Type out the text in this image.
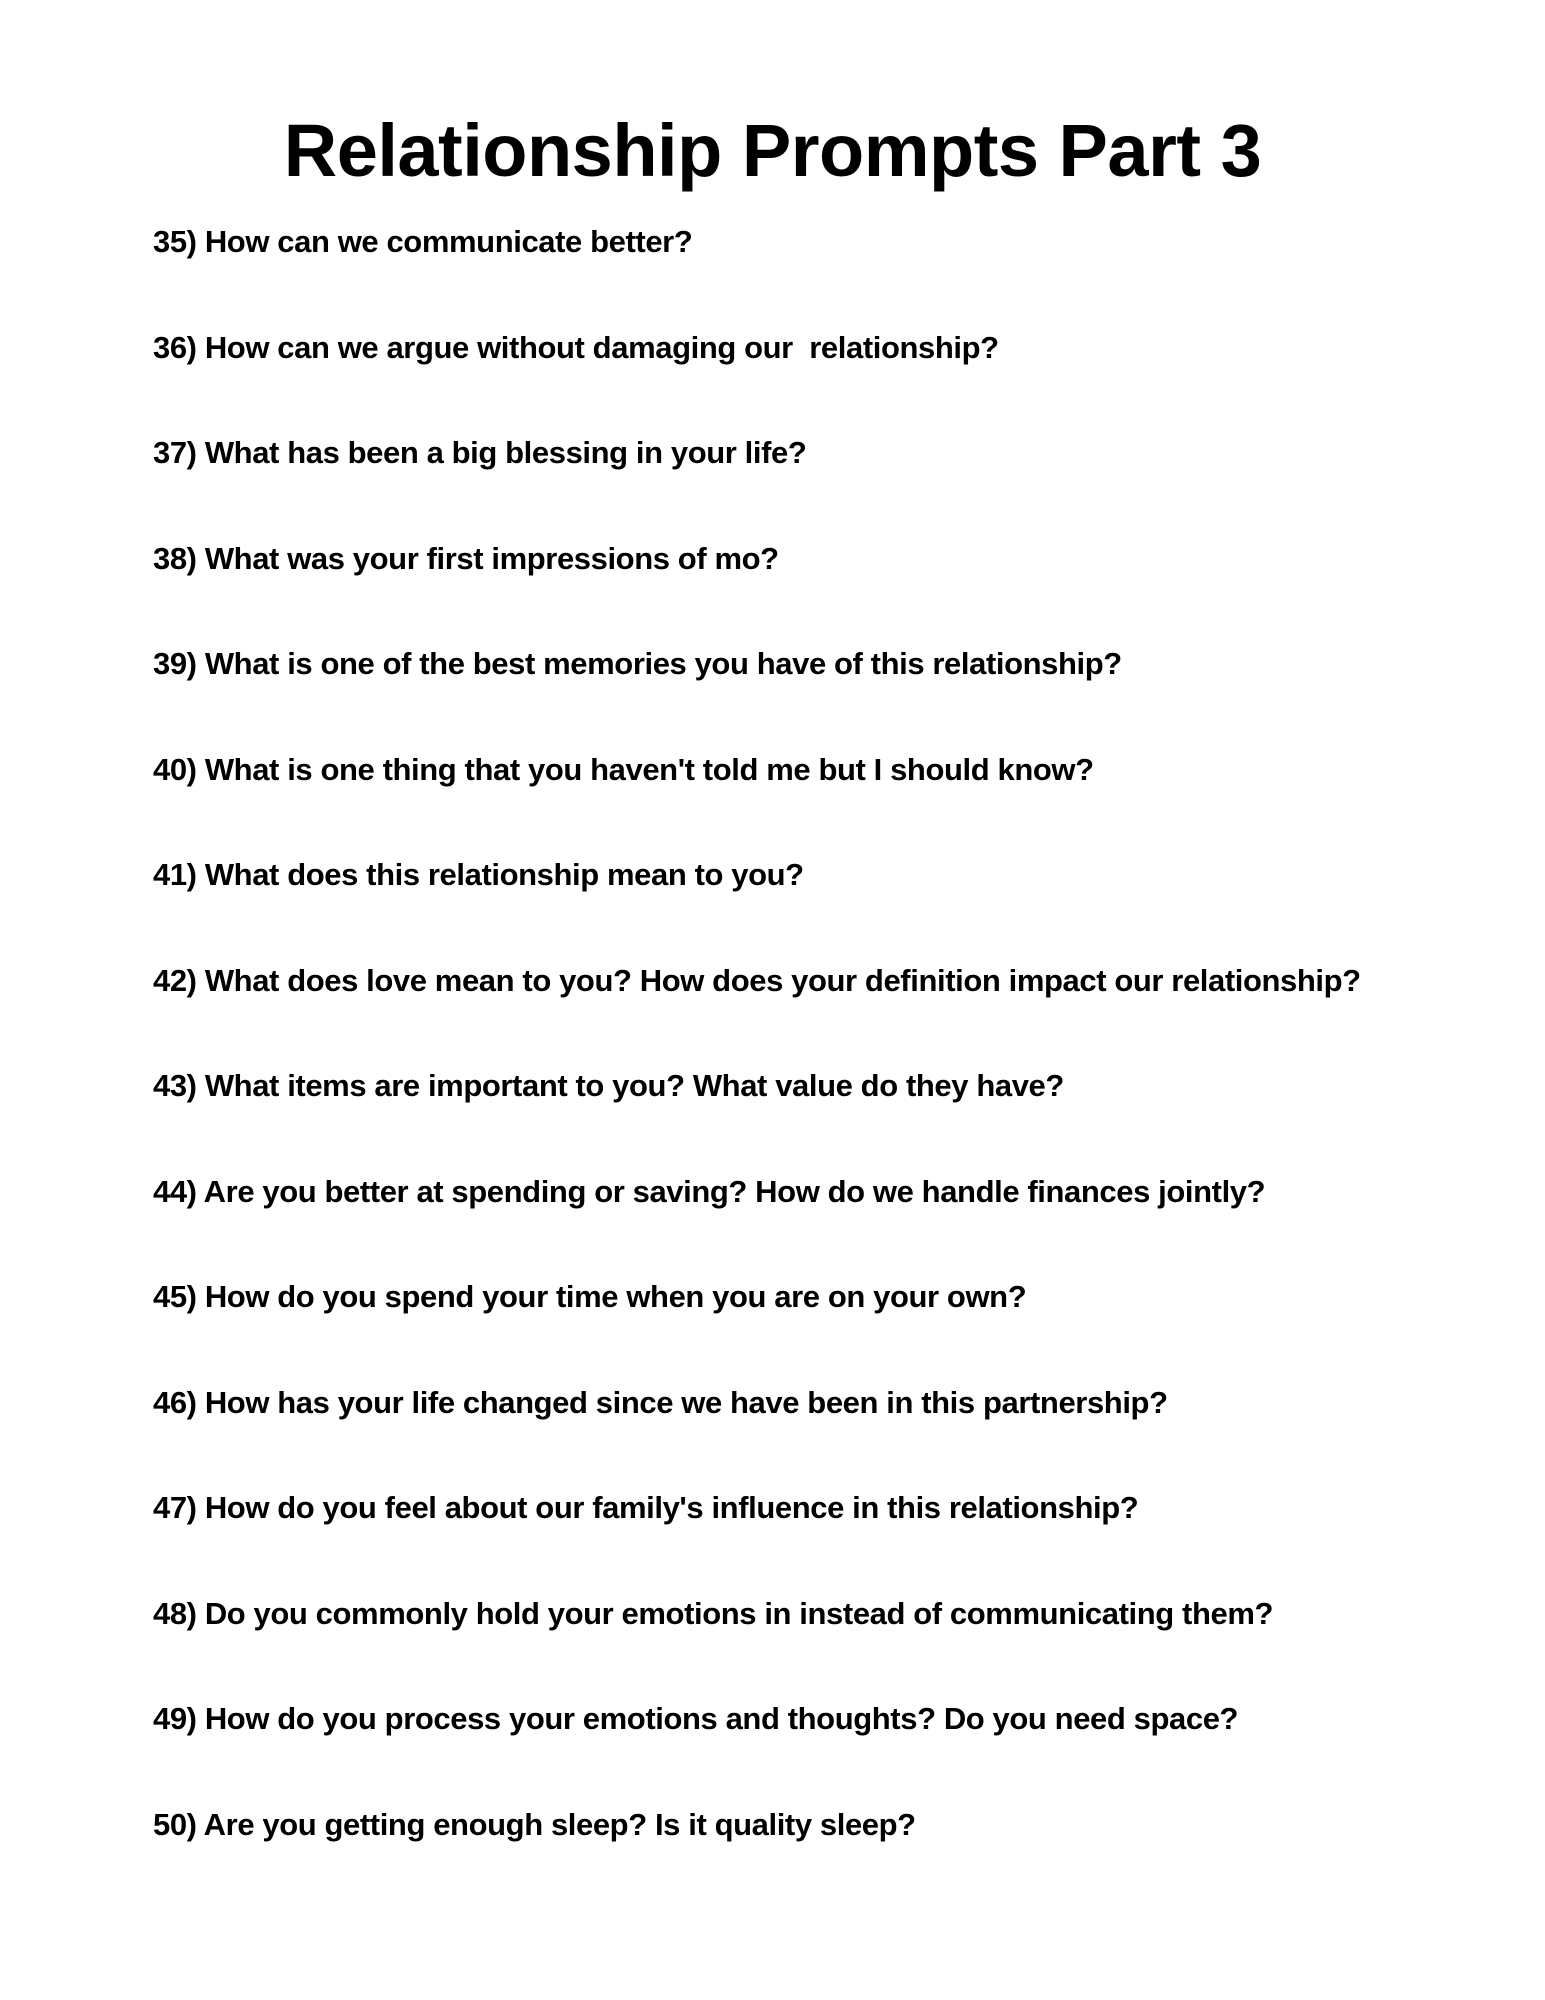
Relationship Prompts Part 3
35) How can we communicate better?
36) How can we argue without damaging our  relationship?
37) What has been a big blessing in your life?
38) What was your first impressions of mo?
39) What is one of the best memories you have of this relationship?
40) What is one thing that you haven't told me but I should know?
41) What does this relationship mean to you?
42) What does love mean to you? How does your definition impact our relationship?
43) What items are important to you? What value do they have?
44) Are you better at spending or saving? How do we handle finances jointly?
45) How do you spend your time when you are on your own?
46) How has your life changed since we have been in this partnership?
47) How do you feel about our family's influence in this relationship?
48) Do you commonly hold your emotions in instead of communicating them?
49) How do you process your emotions and thoughts? Do you need space?
50) Are you getting enough sleep? Is it quality sleep?
